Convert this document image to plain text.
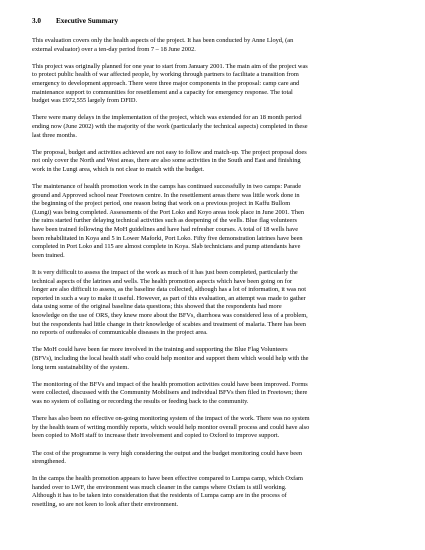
3.0 Executive Summary
This evaluation covers only the health aspects of the project. It has been conducted by Anne Lloyd, (an
external evaluator) over a ten-day period from 7 – 18 June 2002.
This project was originally planned for one year to start from January 2001. The main aim of the project was
to protect public health of war affected people, by working through partners to facilitate a transition from
emergency to development approach. There were three major components in the proposal: camp care and
maintenance support to communities for resettlement and a capacity for emergency response. The total
budget was £972,555 largely from DFID.
There were many delays in the implementation of the project, which was extended for an 18 month period
ending now (June 2002) with the majority of the work (particularly the technical aspects) completed in these
last three months.
The proposal, budget and activities achieved are not easy to follow and match-up. The project proposal does
not only cover the North and West areas, there are also some activities in the South and East and finishing
work in the Lungi area, which is not clear to match with the budget.
The maintenance of health promotion work in the camps has continued successfully in two camps: Parade
ground and Approved school near Freetown centre. In the resettlement areas there was little work done in
the beginning of the project period, one reason being that work on a previous project in Kaffu Bullom
(Lungi) was being completed. Assessments of the Port Loko and Koyo areas took place in June 2001. Then
the rains started further delaying technical activities such as deepening of the wells. Blue flag volunteers
have been trained following the MoH guidelines and have had refresher courses. A total of 18 wells have
been rehabilitated in Koya and 5 in Lower Maforki, Port Loko. Fifty five demonstration latrines have been
completed in Port Loko and 115 are almost complete in Koya. Slab technicians and pump attendants have
been trained.
It is very difficult to assess the impact of the work as much of it has just been completed, particularly the
technical aspects of the latrines and wells. The health promotion aspects which have been going on for
longer are also difficult to assess, as the baseline data collected, although has a lot of information, it was not
reported in such a way to make it useful. However, as part of this evaluation, an attempt was made to gather
data using some of the original baseline data questions; this showed that the respondents had more
knowledge on the use of ORS, they knew more about the BFVs, diarrhoea was considered less of a problem,
but the respondents had little change in their knowledge of scabies and treatment of malaria. There has been
no reports of outbreaks of communicable diseases in the project area.
The MoH could have been far more involved in the training and supporting the Blue Flag Volunteers
(BFVs), including the local health staff who could help monitor and support them which would help with the
long term sustainability of the system.
The monitoring of the BFVs and impact of the health promotion activities could have been improved. Forms
were collected, discussed with the Community Mobilisers and individual BFVs then filed in Freetown; there
was no system of collating or recording the results or feeding back to the community.
There has also been no effective on-going monitoring system of the impact of the work. There was no system
by the health team of writing monthly reports, which would help monitor overall process and could have also
been copied to MoH staff to increase their involvement and copied to Oxford to improve support.
The cost of the programme is very high considering the output and the budget monitoring could have been
strengthened.
In the camps the health promotion appears to have been effective compared to Lumpa camp, which Oxfam
handed over to LWF, the environment was much cleaner in the camps where Oxfam is still working.
Although it has to be taken into consideration that the residents of Lumpa camp are in the process of
resettling, so are not keen to look after their environment.
